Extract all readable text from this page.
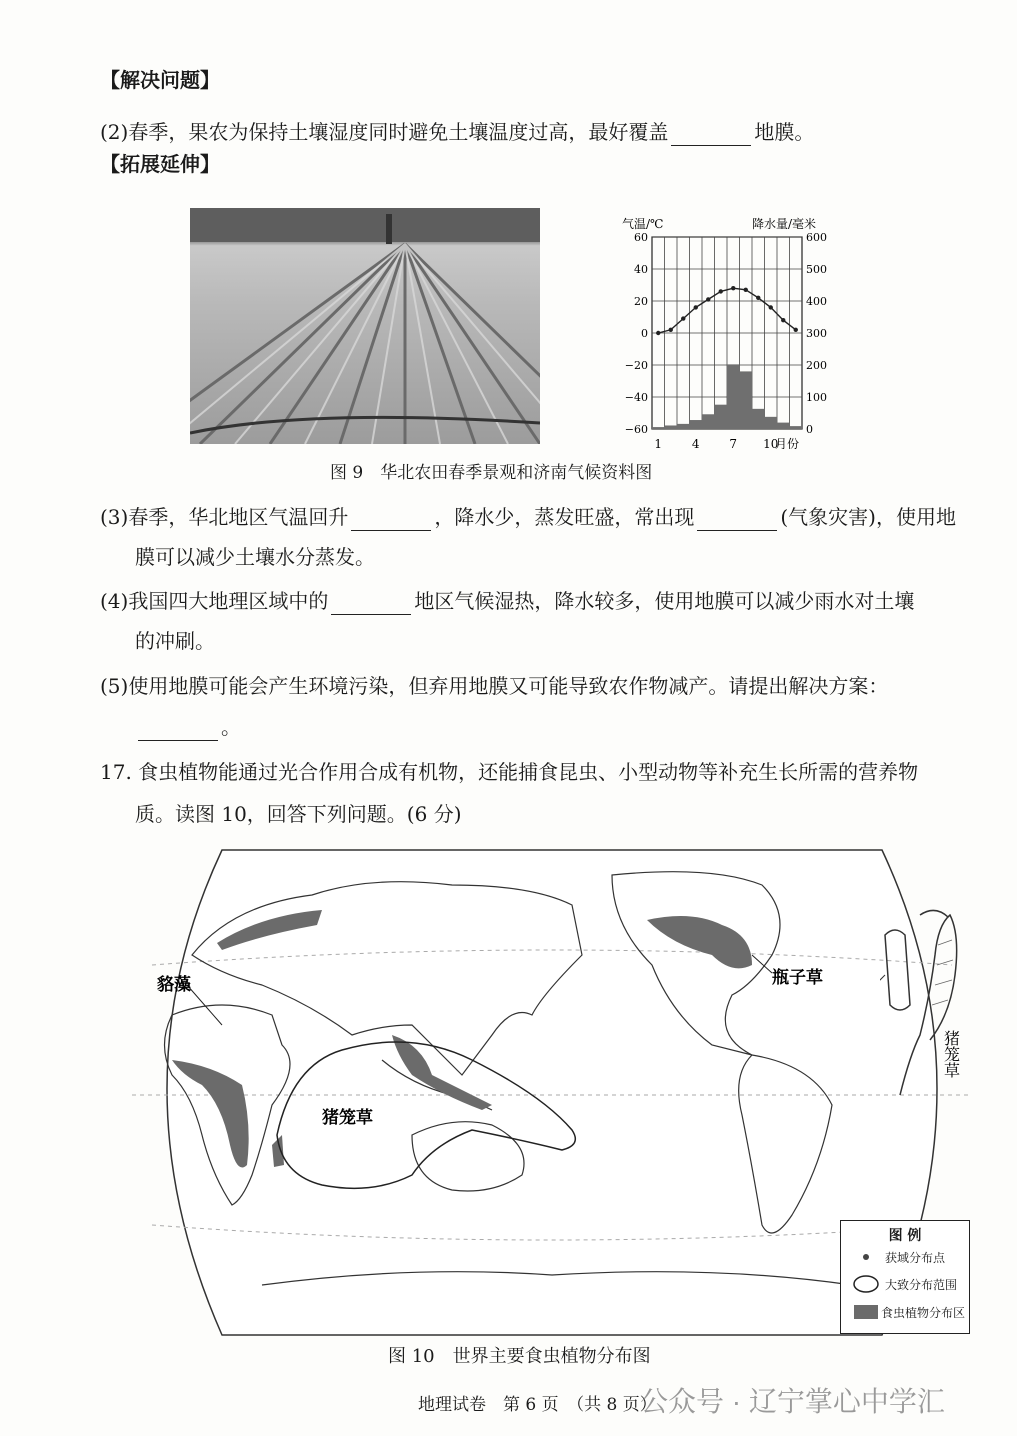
【解决问题】
(2)春季，果农为保持土壤湿度同时避免土壤温度过高，最好覆盖	地膜。
【拓展延伸】
60	600
40	500
20	400
0	300
−20	200
−40	100
−60	0
1 4 7 10
气温/℃	降水量/毫米
月份
图 9　华北农田春季景观和济南气候资料图
(3)春季，华北地区气温回升	，降水少，蒸发旺盛，常出现	(气象灾害)，使用地
膜可以减少土壤水分蒸发。
(4)我国四大地理区域中的	地区气候湿热，降水较多，使用地膜可以减少雨水对土壤
的冲刷。
(5)使用地膜可能会产生环境污染，但弃用地膜又可能导致农作物减产。请提出解决方案：
。
17. 食虫植物能通过光合作用合成有机物，还能捕食昆虫、小型动物等补充生长所需的营养物
质。读图 10，回答下列问题。(6 分)
貉藻	瓶子草
猪笼草
猪笼草
图 例
获域分布点
大致分布范围
食虫植物分布区
图 10　世界主要食虫植物分布图
地理试卷　第 6 页　（共 8 页）
公众号 · 辽宁掌心中学汇
